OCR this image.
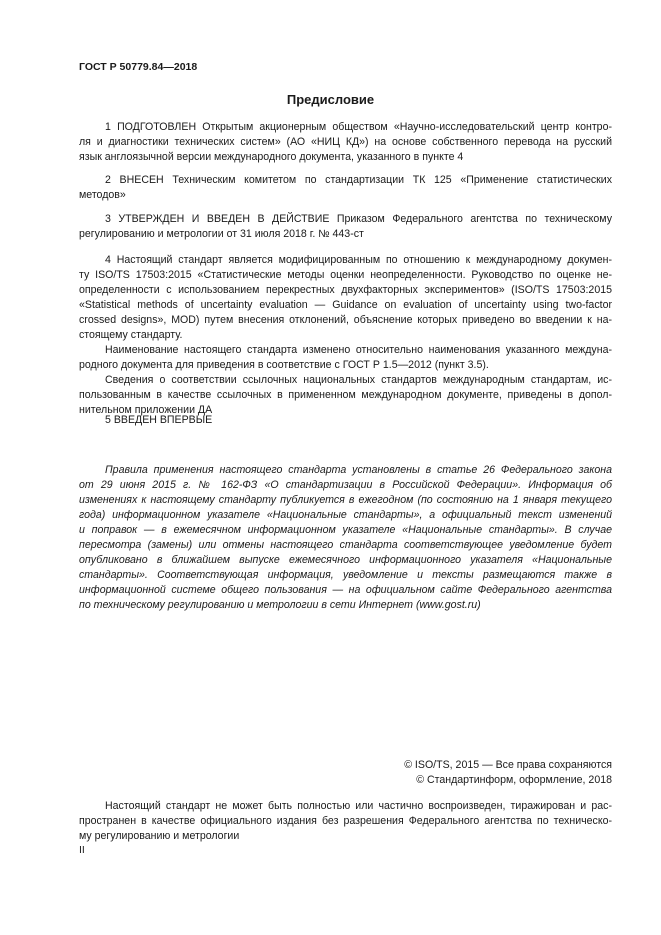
ГОСТ Р 50779.84—2018
Предисловие
1 ПОДГОТОВЛЕН Открытым акционерным обществом «Научно-исследовательский центр контро-
ля и диагностики технических систем» (АО «НИЦ КД») на основе собственного перевода на русский
язык англоязычной версии международного документа, указанного в пункте 4
2 ВНЕСЕН Техническим комитетом по стандартизации ТК 125 «Применение статистических
методов»
3 УТВЕРЖДЕН И ВВЕДЕН В ДЕЙСТВИЕ Приказом Федерального агентства по техническому
регулированию и метрологии от 31 июля 2018 г. № 443-ст
4 Настоящий стандарт является модифицированным по отношению к международному докумен-
ту ISO/TS 17503:2015 «Статистические методы оценки неопределенности. Руководство по оценке не-
определенности с использованием перекрестных двухфакторных экспериментов» (ISO/TS 17503:2015
«Statistical methods of uncertainty evaluation — Guidance on evaluation of uncertainty using two-factor
crossed designs», MOD) путем внесения отклонений, объяснение которых приведено во введении к на-
стоящему стандарту.
Наименование настоящего стандарта изменено относительно наименования указанного междуна-
родного документа для приведения в соответствие с ГОСТ Р 1.5—2012 (пункт 3.5).
Сведения о соответствии ссылочных национальных стандартов международным стандартам, ис-
пользованным в качестве ссылочных в примененном международном документе, приведены в допол-
нительном приложении ДА
5 ВВЕДЕН ВПЕРВЫЕ
Правила применения настоящего стандарта установлены в статье 26 Федерального закона
от 29 июня 2015 г. № 162-ФЗ «О стандартизации в Российской Федерации». Информация об
изменениях к настоящему стандарту публикуется в ежегодном (по состоянию на 1 января текущего
года) информационном указателе «Национальные стандарты», а официальный текст изменений
и поправок — в ежемесячном информационном указателе «Национальные стандарты». В случае
пересмотра (замены) или отмены настоящего стандарта соответствующее уведомление будет
опубликовано в ближайшем выпуске ежемесячного информационного указателя «Национальные
стандарты». Соответствующая информация, уведомление и тексты размещаются также в
информационной системе общего пользования — на официальном сайте Федерального агентства
по техническому регулированию и метрологии в сети Интернет (www.gost.ru)
© ISO/TS, 2015 — Все права сохраняются
© Стандартинформ, оформление, 2018
Настоящий стандарт не может быть полностью или частично воспроизведен, тиражирован и рас-
пространен в качестве официального издания без разрешения Федерального агентства по техническо-
му регулированию и метрологии
II
